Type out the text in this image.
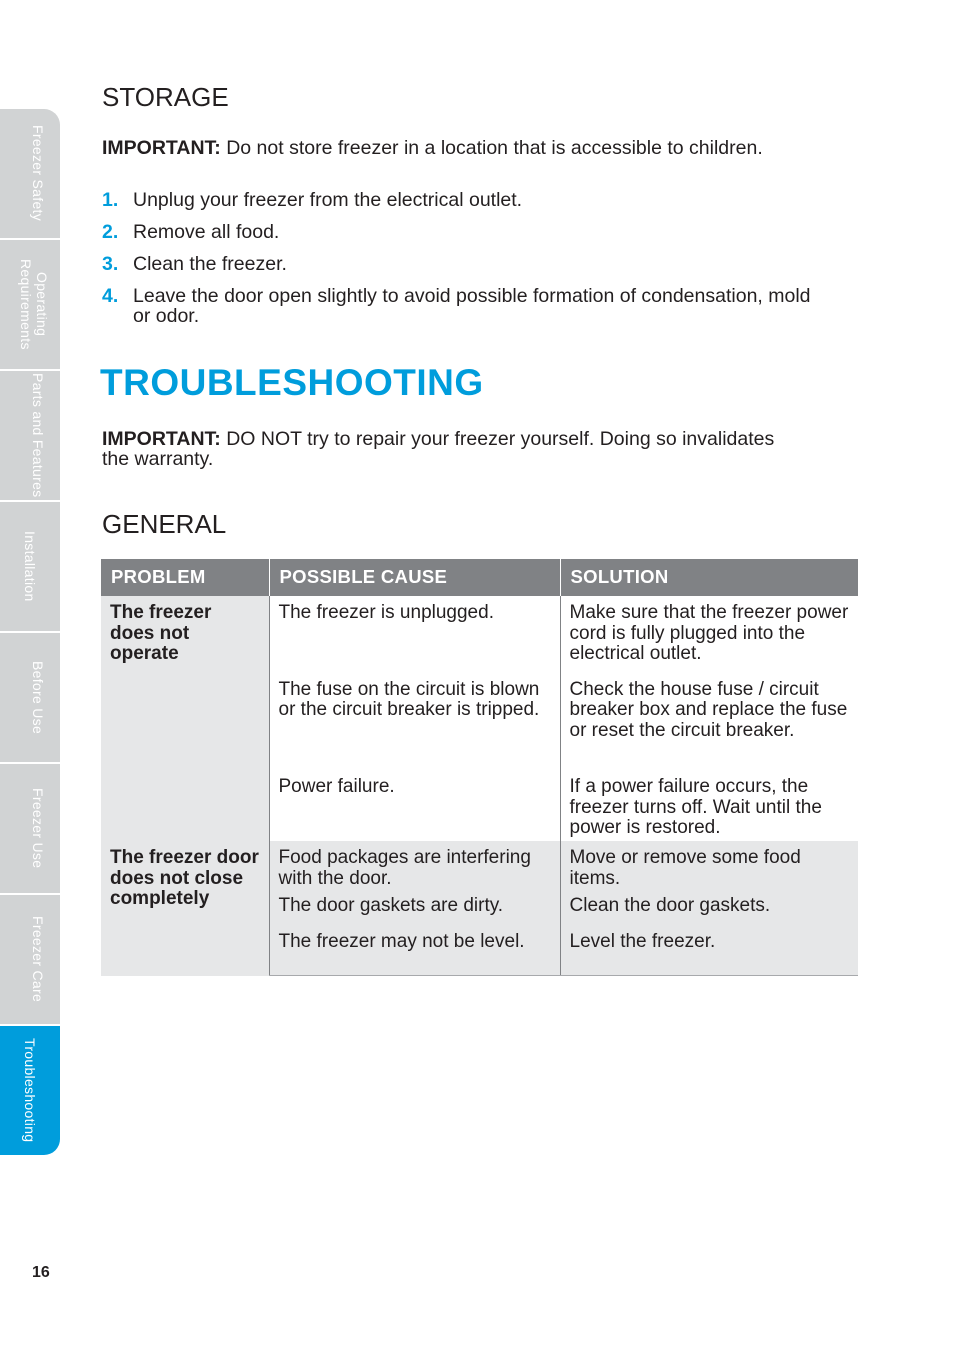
Freezer Safety
Operating Requirements
Parts and Features
Installation
Before Use
Freezer Use
Freezer Care
Troubleshooting
STORAGE

IMPORTANT: Do not store freezer in a location that is accessible to children.

1. Unplug your freezer from the electrical outlet.
2. Remove all food.
3. Clean the freezer.
4. Leave the door open slightly to avoid possible formation of condensation, mold or odor.
TROUBLESHOOTING

IMPORTANT: DO NOT try to repair your freezer yourself. Doing so invalidates the warranty.

GENERAL
PROBLEM	POSSIBLE CAUSE	SOLUTION
The freezer does not operate	The freezer is unplugged.	Make sure that the freezer power cord is fully plugged into the electrical outlet.
	The fuse on the circuit is blown or the circuit breaker is tripped.	Check the house fuse / circuit breaker box and replace the fuse or reset the circuit breaker.
	Power failure.	If a power failure occurs, the freezer turns off. Wait until the power is restored.
The freezer door does not close completely	Food packages are interfering with the door.	Move or remove some food items.
	The door gaskets are dirty.	Clean the door gaskets.
	The freezer may not be level.	Level the freezer.
16
